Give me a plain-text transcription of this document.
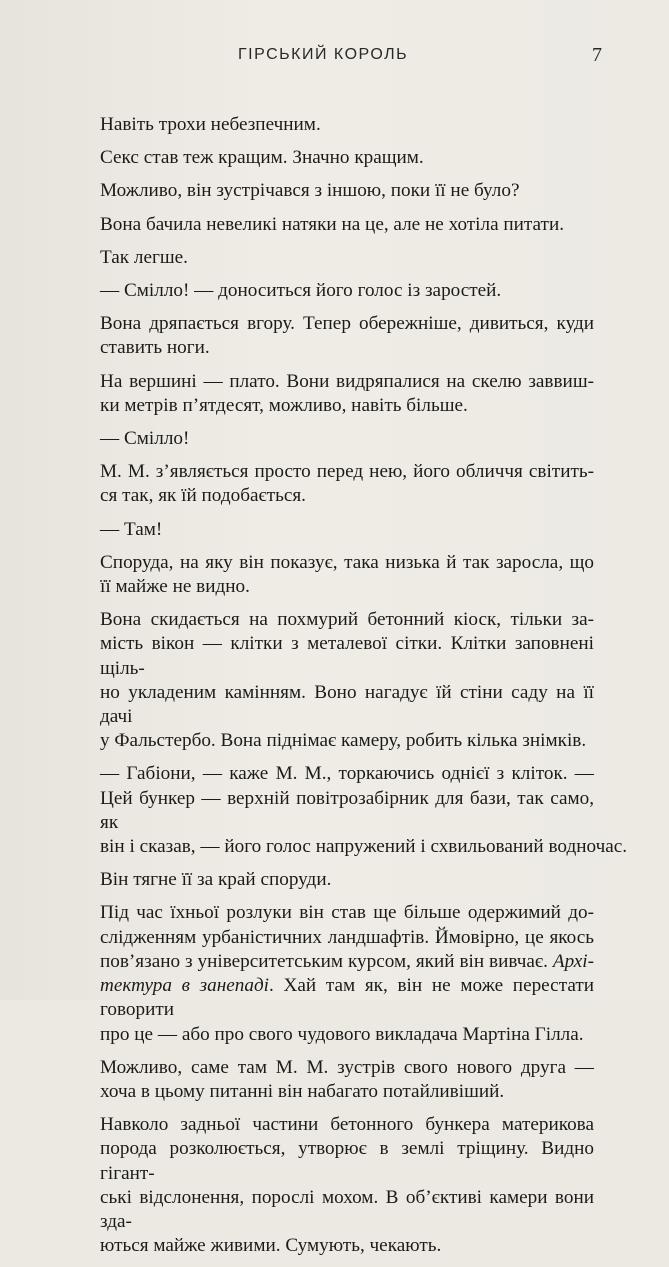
ГІРСЬКИЙ КОРОЛЬ	7

Навіть трохи небезпечним.

Секс став теж кращим. Значно кращим.

Можливо, він зустрічався з іншою, поки її не було?

Вона бачила невеликі натяки на це, але не хотіла питати.

Так легше.

— Смілло! — доноситься його голос із заростей.

Вона дряпається вгору. Тепер обережніше, дивиться, куди
ставить ноги.

На вершині — плато. Вони видряпалися на скелю заввиш-
ки метрів п’ятдесят, можливо, навіть більше.

— Смілло!

М. М. з’являється просто перед нею, його обличчя світить-
ся так, як їй подобається.

— Там!

Споруда, на яку він показує, така низька й так заросла, що
її майже не видно.

Вона скидається на похмурий бетонний кіоск, тільки за-
мість вікон — клітки з металевої сітки. Клітки заповнені щіль-
но укладеним камінням. Воно нагадує їй стіни саду на її дачі
у Фальстербо. Вона піднімає камеру, робить кілька знімків.

— Габіони, — каже М. М., торкаючись однієї з кліток. —
Цей бункер — верхній повітрозабірник для бази, так само, як
він і сказав, — його голос напружений і схвильований водночас.

Він тягне її за край споруди.

Під час їхньої розлуки він став ще більше одержимий до-
слідженням урбаністичних ландшафтів. Ймовірно, це якось
пов’язано з університетським курсом, який він вивчає. Архі-
тектура в занепаді. Хай там як, він не може перестати говорити
про це — або про свого чудового викладача Мартіна Гілла.

Можливо, саме там М. М. зустрів свого нового друга —
хоча в цьому питанні він набагато потайливіший.

Навколо задньої частини бетонного бункера материкова
порода розколюється, утворює в землі тріщину. Видно гігант-
ські відслонення, порослі мохом. В об’єктиві камери вони зда-
ються майже живими. Сумують, чекають.
